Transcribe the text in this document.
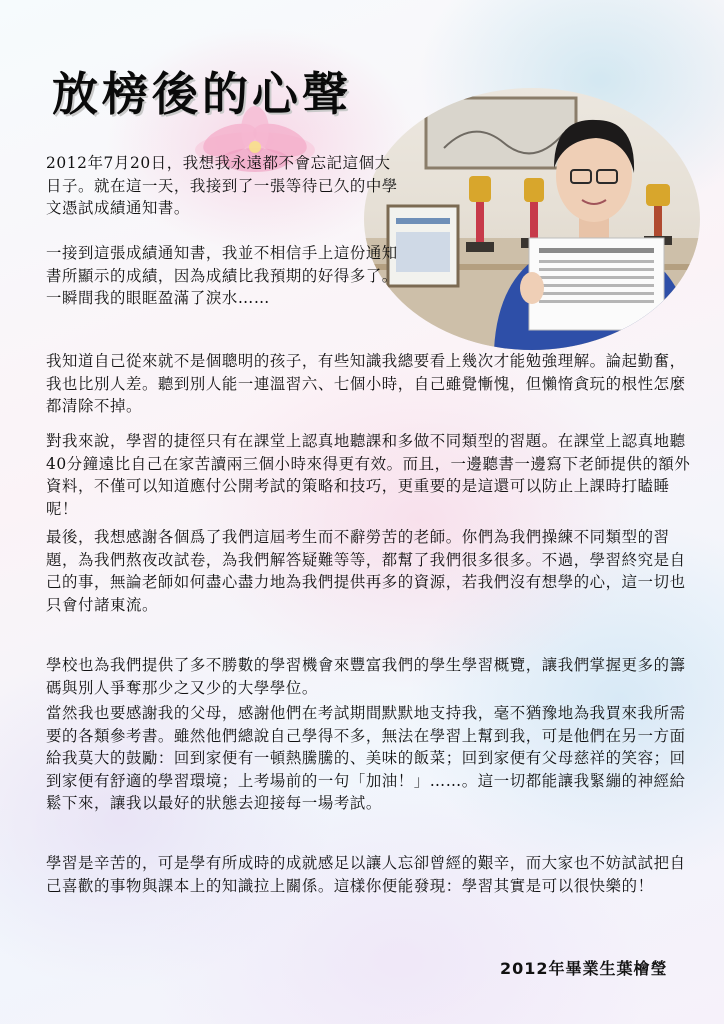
放榜後的心聲

2012年7月20日，我想我永遠都不會忘記這個大日子。就在這一天，我接到了一張等待已久的中學文憑試成績通知書。

一接到這張成績通知書，我並不相信手上這份通知書所顯示的成績，因為成績比我預期的好得多了。一瞬間我的眼眶盈滿了淚水……

我知道自己從來就不是個聰明的孩子，有些知識我總要看上幾次才能勉強理解。論起勤奮，我也比別人差。聽到別人能一連溫習六、七個小時，自己雖覺慚愧，但懶惰貪玩的根性怎麼都清除不掉。

對我來說，學習的捷徑只有在課堂上認真地聽課和多做不同類型的習題。在課堂上認真地聽40分鐘遠比自己在家苦讀兩三個小時來得更有效。而且，一邊聽書一邊寫下老師提供的額外資料，不僅可以知道應付公開考試的策略和技巧，更重要的是這還可以防止上課時打瞌睡呢！

最後，我想感謝各個爲了我們這屆考生而不辭勞苦的老師。你們為我們操練不同類型的習題，為我們熬夜改試卷，為我們解答疑難等等，都幫了我們很多很多。不過，學習終究是自己的事，無論老師如何盡心盡力地為我們提供再多的資源，若我們沒有想學的心，這一切也只會付諸東流。

學校也為我們提供了多不勝數的學習機會來豐富我們的學生學習概覽，讓我們掌握更多的籌碼與別人爭奪那少之又少的大學學位。

當然我也要感謝我的父母，感謝他們在考試期間默默地支持我，毫不猶豫地為我買來我所需要的各類參考書。雖然他們總說自己學得不多，無法在學習上幫到我，可是他們在另一方面給我莫大的鼓勵：回到家便有一頓熱騰騰的、美味的飯菜；回到家便有父母慈祥的笑容；回到家便有舒適的學習環境；上考場前的一句「加油！」……。這一切都能讓我緊繃的神經給鬆下來，讓我以最好的狀態去迎接每一場考試。

學習是辛苦的，可是學有所成時的成就感足以讓人忘卻曾經的艱辛，而大家也不妨試試把自己喜歡的事物與課本上的知識拉上關係。這樣你便能發現：學習其實是可以很快樂的！

2012年畢業生葉檜瑩
